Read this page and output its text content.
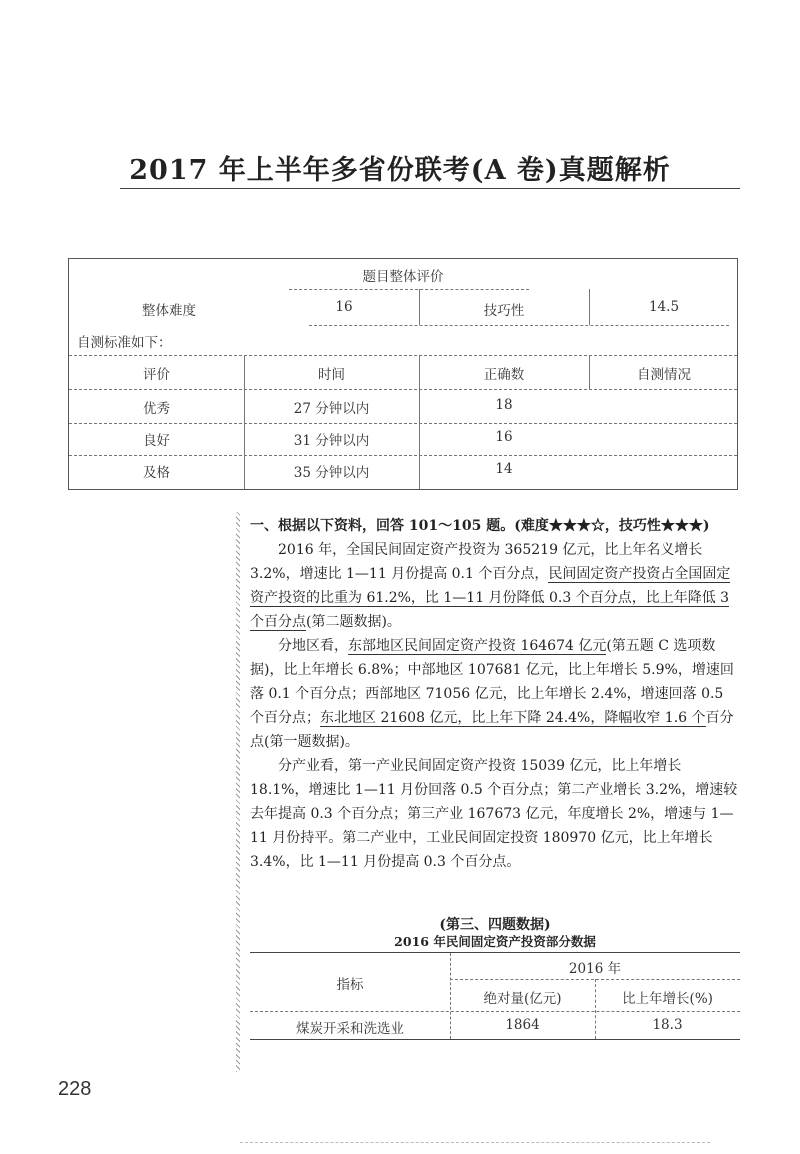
2017 年上半年多省份联考(A 卷)真题解析
题目整体评价
整体难度	16	技巧性	14.5
自测标准如下：
评价	时间	正确数	自测情况
优秀	27 分钟以内	18
良好	31 分钟以内	16
及格	35 分钟以内	14

一、根据以下资料，回答 101～105 题。(难度★★★☆，技巧性★★★)

2016 年，全国民间固定资产投资为 365219 亿元，比上年名义增长 3.2%，增速比 1—11 月份提高 0.1 个百分点，民间固定资产投资占全国固定资产投资的比重为 61.2%，比 1—11 月份降低 0.3 个百分点，比上年降低 3 个百分点(第二题数据)。

分地区看，东部地区民间固定资产投资 164674 亿元(第五题 C 选项数据)，比上年增长 6.8%；中部地区 107681 亿元，比上年增长 5.9%，增速回落 0.1 个百分点；西部地区 71056 亿元，比上年增长 2.4%，增速回落 0.5 个百分点；东北地区 21608 亿元，比上年下降 24.4%，降幅收窄 1.6 个百分点(第一题数据)。

分产业看，第一产业民间固定资产投资 15039 亿元，比上年增长 18.1%，增速比 1—11 月份回落 0.5 个百分点；第二产业增长 3.2%，增速较去年提高 0.3 个百分点；第三产业 167673 亿元，年度增长 2%，增速与 1—11 月份持平。第二产业中，工业民间固定投资 180970 亿元，比上年增长 3.4%，比 1—11 月份提高 0.3 个百分点。

(第三、四题数据)
2016 年民间固定资产投资部分数据
指标
2016 年
绝对量(亿元)	比上年增长(%)
煤炭开采和洗选业	1864	18.3
228
